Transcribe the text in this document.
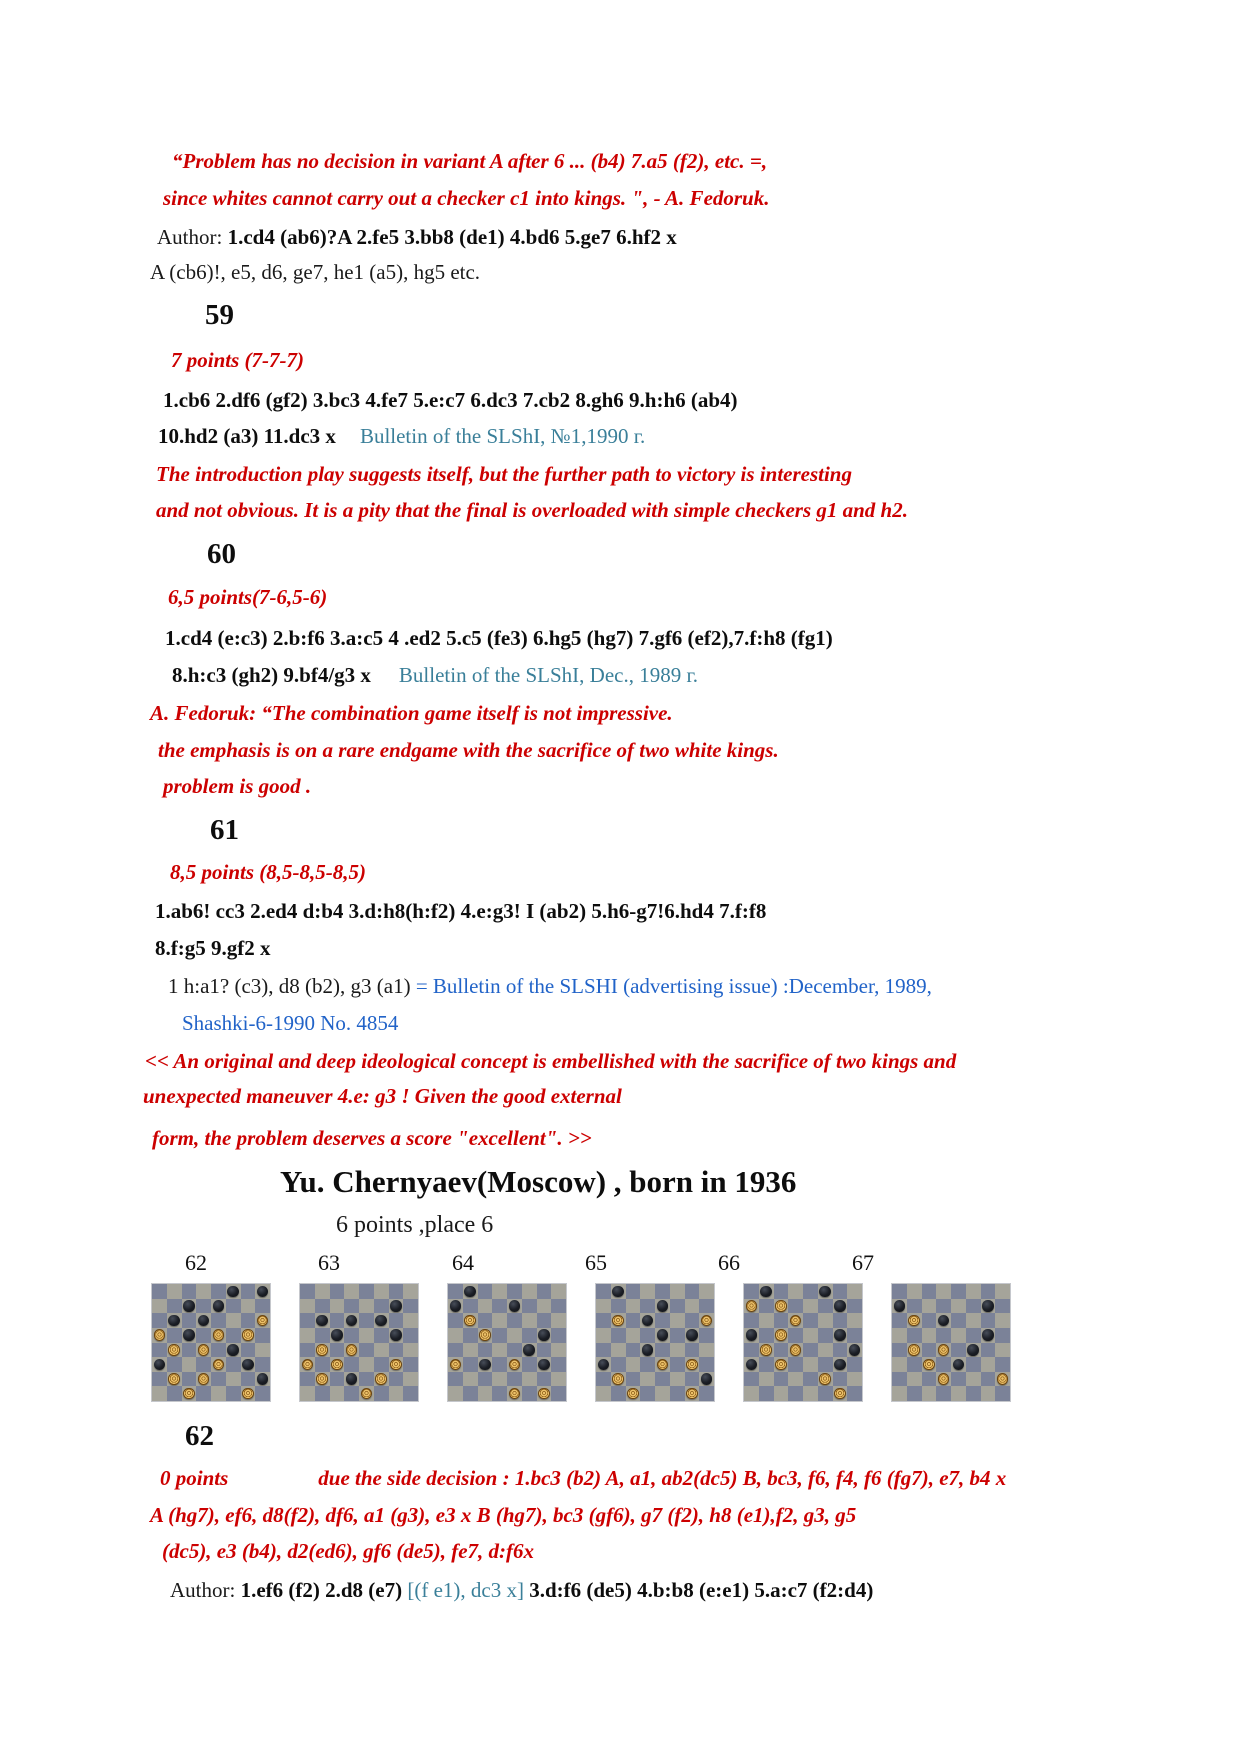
“Problem has no decision in variant A after 6 ... (b4) 7.a5 (f2), etc. =,
since whites cannot carry out a checker c1 into kings. ", - A. Fedoruk.
Author: 1.cd4 (ab6)?A 2.fe5 3.bb8 (de1) 4.bd6 5.ge7 6.hf2 x
A (cb6)!, e5, d6, ge7, he1 (a5), hg5 etc.
59
7 points (7-7-7)
1.cb6 2.df6 (gf2) 3.bc3 4.fe7 5.e:c7 6.dc3 7.cb2 8.gh6 9.h:h6 (ab4)
10.hd2 (a3) 11.dc3 x Bulletin of the SLShI, №1,1990 г.
The introduction play suggests itself, but the further path to victory is interesting
and not obvious. It is a pity that the final is overloaded with simple checkers g1 and h2.
60
6,5 points(7-6,5-6)
1.cd4 (e:c3) 2.b:f6 3.a:c5 4 .ed2 5.c5 (fe3) 6.hg5 (hg7) 7.gf6 (ef2),7.f:h8 (fg1)
8.h:c3 (gh2) 9.bf4/g3 x Bulletin of the SLShI, Dec., 1989 г.
A. Fedoruk: “The combination game itself is not impressive.
the emphasis is on a rare endgame with the sacrifice of two white kings.
problem is good .
61
8,5 points (8,5-8,5-8,5)
1.ab6! cc3 2.ed4 d:b4 3.d:h8(h:f2) 4.e:g3! I (ab2) 5.h6-g7!6.hd4 7.f:f8
8.f:g5 9.gf2 x
1 h:a1? (c3), d8 (b2), g3 (a1) = Bulletin of the SLSHI (advertising issue) :December, 1989,
Shashki-6-1990 No. 4854
<< An original and deep ideological concept is embellished with the sacrifice of two kings and
unexpected maneuver 4.e: g3 ! Given the good external
form, the problem deserves a score "excellent". >>
Yu. Chernyaev(Moscow) , born in 1936
6 points ,place 6
62	63	64	65	66	67
62
0 points	due the side decision : 1.bc3 (b2) A, a1, ab2(dc5) B, bc3, f6, f4, f6 (fg7), e7, b4 x
A (hg7), ef6, d8(f2), df6, a1 (g3), e3 x B (hg7), bc3 (gf6), g7 (f2), h8 (e1),f2, g3, g5
(dc5), e3 (b4), d2(ed6), gf6 (de5), fe7, d:f6x
Author: 1.ef6 (f2) 2.d8 (e7) [(f e1), dc3 x] 3.d:f6 (de5) 4.b:b8 (e:e1) 5.a:c7 (f2:d4)
